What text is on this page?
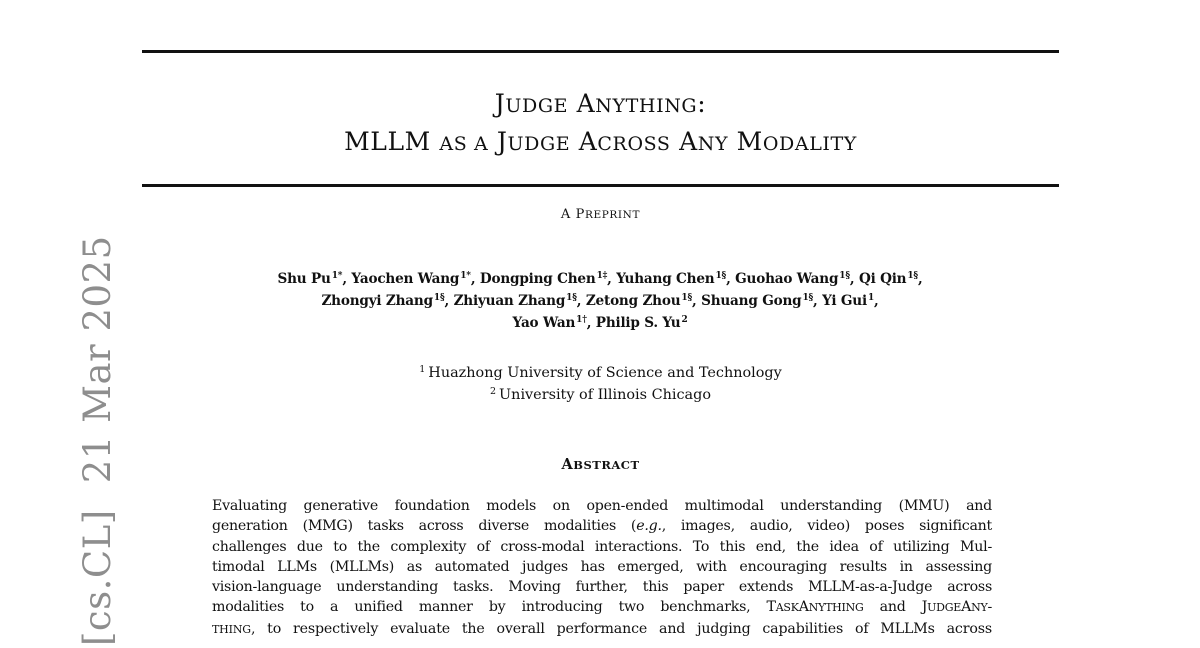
[cs.CL]21 Mar 2025
JUDGE ANYTHING:
MLLM AS A JUDGE ACROSS ANY MODALITY
A PREPRINT
Shu $Pu^{1*}$, Yaochen Wang$^{1*}$, Dongping Chen$^{1\ddagger}$, Yuhang Chen$^{1\S}$, Guohao Wang$^{1\S}$, Qi Qin$^{1\S}$,
Zhongyi Zhang$^{1\S}$, Zhiyuan Zhang$^{1\S}$, Zetong Zhou$^{1\S}$, Shuang Gong$^{1\S}$, Yi Gui$^1$,
Yao Wan$^{1\dagger}$, Philip S. Yu$^2$
$^1$ Huazhong University of Science and Technology
$^2$ University of Illinois Chicago
ABSTRACT
Evaluating generative foundation models on open-ended multimodal understanding (MMU) and
generation (MMG) tasks across diverse modalities (e.g., images, audio, video) poses significant
challenges due to the complexity of cross-modal interactions. To this end, the idea of utilizing Mul-
timodal LLMs (MLLMs) as automated judges has emerged, with encouraging results in assessing
vision-language understanding tasks. Moving further, this paper extends MLLM-as-a-Judge across
modalities to a unified manner by introducing two benchmarks, TASKANYTHING and JUDGEANY-
THING, to respectively evaluate the overall performance and judging capabilities of MLLMs across
